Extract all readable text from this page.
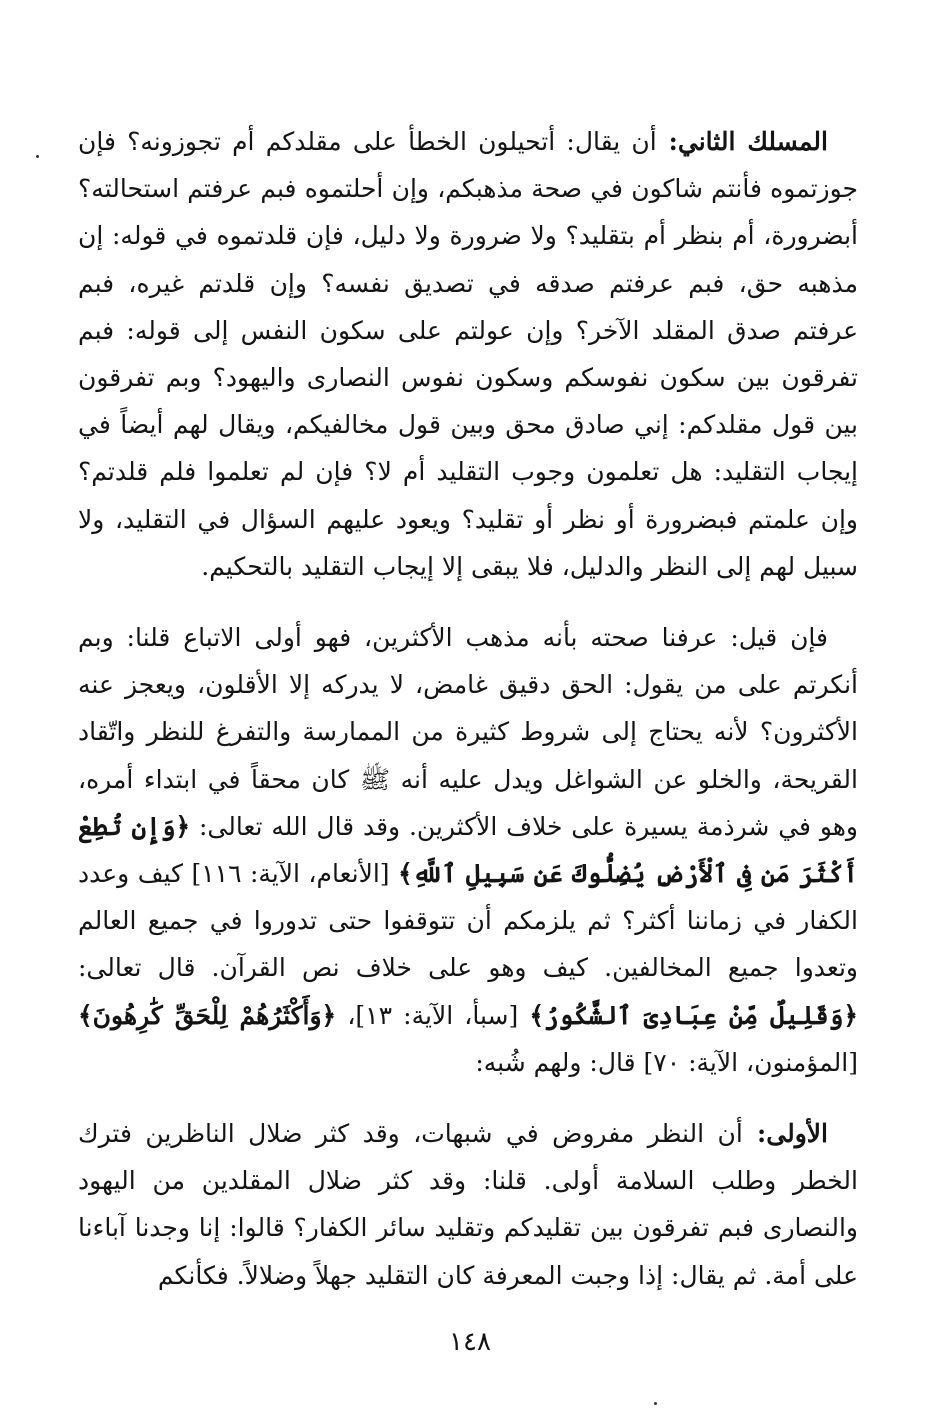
المسلك الثاني: أن يقال: أتحيلون الخطأ على مقلدكم أم تجوزونه؟ فإن جوزتموه فأنتم شاكون في صحة مذهبكم، وإن أحلتموه فبم عرفتم استحالته؟ أبضرورة، أم بنظر أم بتقليد؟ ولا ضرورة ولا دليل، فإن قلدتموه في قوله: إن مذهبه حق، فبم عرفتم صدقه في تصديق نفسه؟ وإن قلدتم غيره، فبم عرفتم صدق المقلد الآخر؟ وإن عولتم على سكون النفس إلى قوله: فبم تفرقون بين سكون نفوسكم وسكون نفوس النصارى واليهود؟ وبم تفرقون بين قول مقلدكم: إني صادق محق وبين قول مخالفيكم، ويقال لهم أيضاً في إيجاب التقليد: هل تعلمون وجوب التقليد أم لا؟ فإن لم تعلموا فلم قلدتم؟ وإن علمتم فبضرورة أو نظر أو تقليد؟ ويعود عليهم السؤال في التقليد، ولا سبيل لهم إلى النظر والدليل، فلا يبقى إلا إيجاب التقليد بالتحكيم.

فإن قيل: عرفنا صحته بأنه مذهب الأكثرين، فهو أولى الاتباع قلنا: وبم أنكرتم على من يقول: الحق دقيق غامض، لا يدركه إلا الأقلون، ويعجز عنه الأكثرون؟ لأنه يحتاج إلى شروط كثيرة من الممارسة والتفرغ للنظر واتّقاد القريحة، والخلو عن الشواغل ويدل عليه أنه ﷺ كان محقاً في ابتداء أمره، وهو في شرذمة يسيرة على خلاف الأكثرين. وقد قال الله تعالى: ﴿وَإِن تُطِعْ أَكْثَرَ مَن فِى ٱلْأَرْضِ يُضِلُّوكَ عَن سَبِيلِ ٱللَّهِ﴾ [الأنعام، الآية: ١١٦] كيف وعدد الكفار في زماننا أكثر؟ ثم يلزمكم أن تتوقفوا حتى تدوروا في جميع العالم وتعدوا جميع المخالفين. كيف وهو على خلاف نص القرآن. قال تعالى: ﴿وَقَلِيلٌ مِّنْ عِبَادِىَ ٱلشَّكُورُ﴾ [سبأ، الآية: ١٣]، ﴿وَأَكْثَرُهُمْ لِلْحَقِّ كَٰرِهُونَ﴾ [المؤمنون، الآية: ٧٠] قال: ولهم شُبه:

الأولى: أن النظر مفروض في شبهات، وقد كثر ضلال الناظرين فترك الخطر وطلب السلامة أولى. قلنا: وقد كثر ضلال المقلدين من اليهود والنصارى فبم تفرقون بين تقليدكم وتقليد سائر الكفار؟ قالوا: إنا وجدنا آباءنا على أمة. ثم يقال: إذا وجبت المعرفة كان التقليد جهلاً وضلالاً. فكأنكم

١٤٨
